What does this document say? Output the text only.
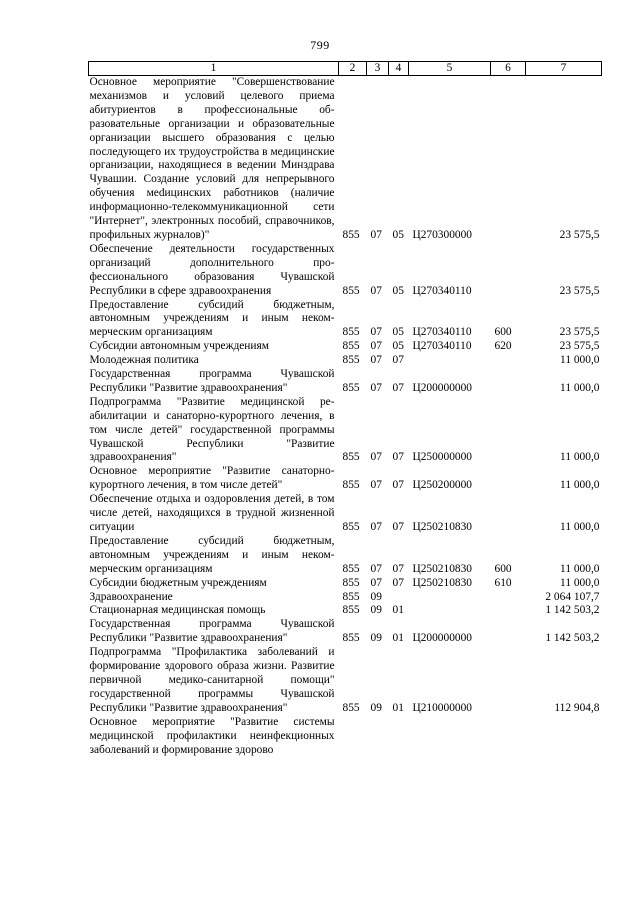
799
1	2	3	4	5	6	7
Основное мероприятие "Совершенствование механизмов и условий целевого приема абитуриентов в профессиональные образовательные организации и образовательные организации высшего образования с целью последующего их трудоустройства в медицинские организации, находящиеся в ведении Минздрава Чувашии. Создание условий для непрерывного обучения меdицинских работников (наличие информационно-телекоммуникационной сети "Интернет", электронных пособий, справочников, профильных журналов)"	855	07	05	Ц270300000		23 575,5
Обеспечение деятельности государственных организаций дополнительного профессионального образования Чувашской Республики в сфере здравоохранения	855	07	05	Ц270340110		23 575,5
Предоставление субсидий бюджетным, автономным учреждениям и иным некоммерческим организациям	855	07	05	Ц270340110	600	23 575,5
Субсидии автономным учреждениям	855	07	05	Ц270340110	620	23 575,5
Молодежная политика	855	07	07			11 000,0
Государственная программа Чувашской Республики "Развитие здравоохранения"	855	07	07	Ц200000000		11 000,0
Подпрограмма "Развитие медицинской реабилитации и санаторно-курортного лечения, в том числе детей" государственной программы Чувашской Республики "Развитие здравоохранения"	855	07	07	Ц250000000		11 000,0
Основное мероприятие "Развитие санаторно-курортного лечения, в том числе детей"	855	07	07	Ц250200000		11 000,0
Обеспечение отдыха и оздоровления детей, в том числе детей, находящихся в трудной жизненной ситуации	855	07	07	Ц250210830		11 000,0
Предоставление субсидий бюджетным, автономным учреждениям и иным некоммерческим организациям	855	07	07	Ц250210830	600	11 000,0
Субсидии бюджетным учреждениям	855	07	07	Ц250210830	610	11 000,0
Здравоохранение	855	09				2 064 107,7
Стационарная медицинская помощь	855	09	01			1 142 503,2
Государственная программа Чувашской Республики "Развитие здравоохранения"	855	09	01	Ц200000000		1 142 503,2
Подпрограмма "Профилактика заболеваний и формирование здорового образа жизни. Развитие первичной медико-санитарной помощи" государственной программы Чувашской Республики "Развитие здравоохранения"	855	09	01	Ц210000000		112 904,8
Основное мероприятие "Развитие системы медицинской профилактики неинфекционных заболеваний и формирование здорово						
